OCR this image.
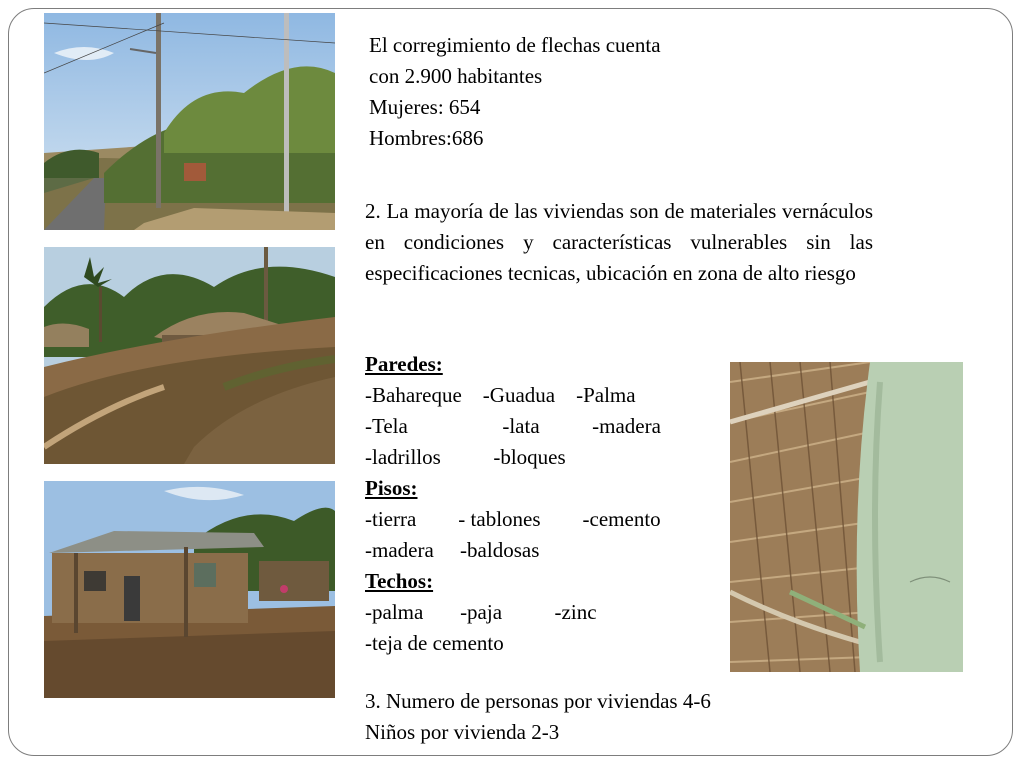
El corregimiento de flechas cuenta
con 2.900 habitantes
Mujeres: 654
Hombres:686
2. La mayoría de las viviendas son de materiales vernáculos en condiciones y características vulnerables sin las especificaciones tecnicas, ubicación en zona de alto riesgo
Paredes:
-Bahareque -Guadua -Palma
-Tela	-lata	-madera
-ladrillos	-bloques
Pisos:
-tierra - tablones -cemento
-madera -baldosas
Techos:
-palma -paja	-zinc
-teja de cemento
3. Numero de personas por viviendas 4-6
Niños por vivienda 2-3
